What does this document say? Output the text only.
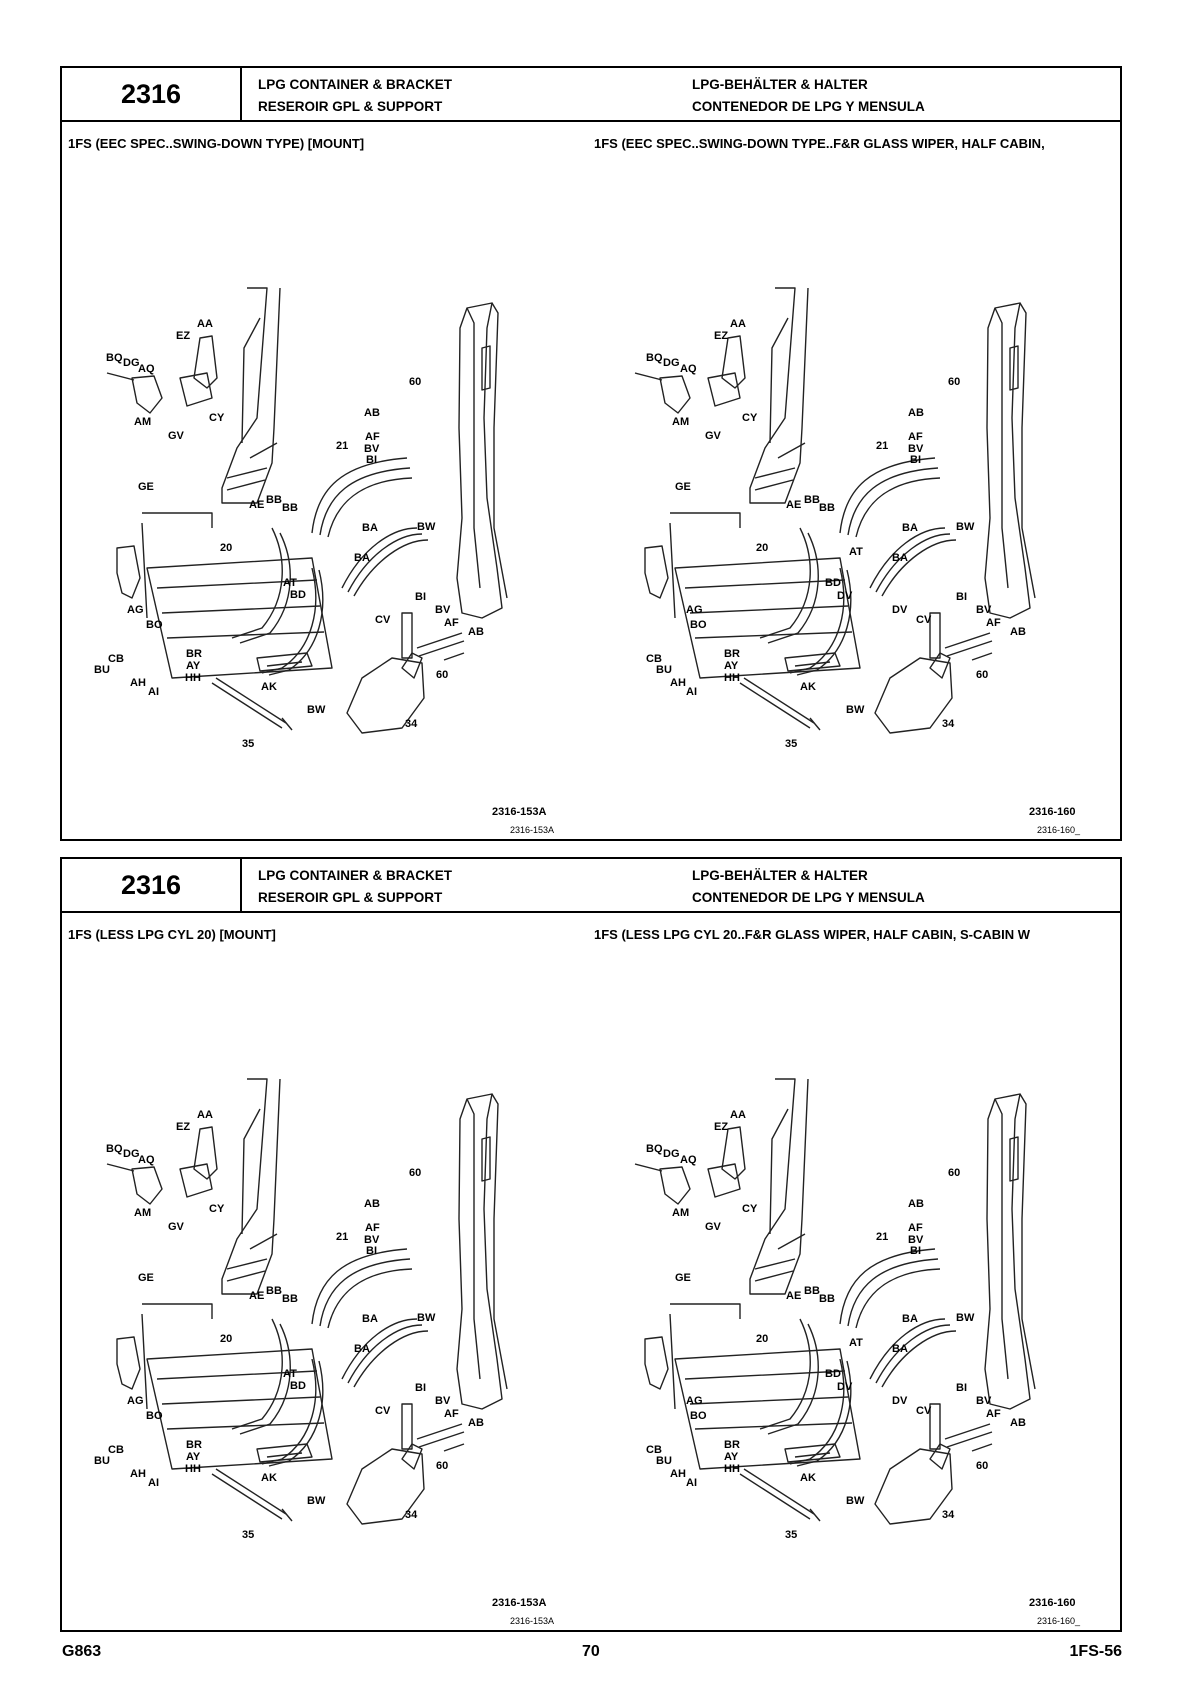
2316	LPG CONTAINER & BRACKET
RESEROIR GPL & SUPPORT
LPG-BEHÄLTER & HALTER
CONTENEDOR DE LPG Y MENSULA
1FS (EEC SPEC..SWING-DOWN TYPE) [MOUNT]	1FS (EEC SPEC..SWING-DOWN TYPE..F&R GLASS WIPER, HALF CABIN,
AA
EZ
BQ DG
AQ
CY
AM
GV
60
AB
AF
BV
BI
21
GE
AE BB
BB
BA	BW
20
BA
AT
BD	BI
CV
BV
AF
AB
AG
BO
CB
BU
AH
AI
BR
AY
HH
AK
60
BW
34
35
AA
EZ
BQ DG AQ
CY
AM
GV
60
AB
AF
BV
BI
21
GE
AE BB
BB
BA	BW
20	AT	BA
BD
DV
DV
BI
CV
BV
AF
AB
AG
BO
CB
BU
AH
AI
BR
AY
HH
AK
60
BW
34
35
2316-153A
2316-153A
2316-160
2316-160_
2316	LPG CONTAINER & BRACKET
RESEROIR GPL & SUPPORT
LPG-BEHÄLTER & HALTER
CONTENEDOR DE LPG Y MENSULA
1FS (LESS LPG CYL 20) [MOUNT]	1FS (LESS LPG CYL 20..F&R GLASS WIPER, HALF CABIN, S-CABIN W
AA
EZ
BQ DG
AQ
CY
AM
GV
60
AB
AF
BV
BI
21
GE
AE BB
BB
BA	BW
20
BA
AT
BD	BI
CV
BV
AF
AB
AG
BO
CB
BU
AH
AI
BR
AY
HH
AK
60
BW
34
35
AA
EZ
BQ DG AQ
CY
AM
GV
60
AB
AF
BV
BI
21
GE
AE BB
BB
BA	BW
20	AT	BA
BD
DV
DV
BI
CV
BV
AF
AB
AG
BO
CB
BU
AH
AI
BR
AY
HH
AK
60
BW
34
35
2316-153A
2316-153A
2316-160
2316-160_
G863	70	1FS-56
